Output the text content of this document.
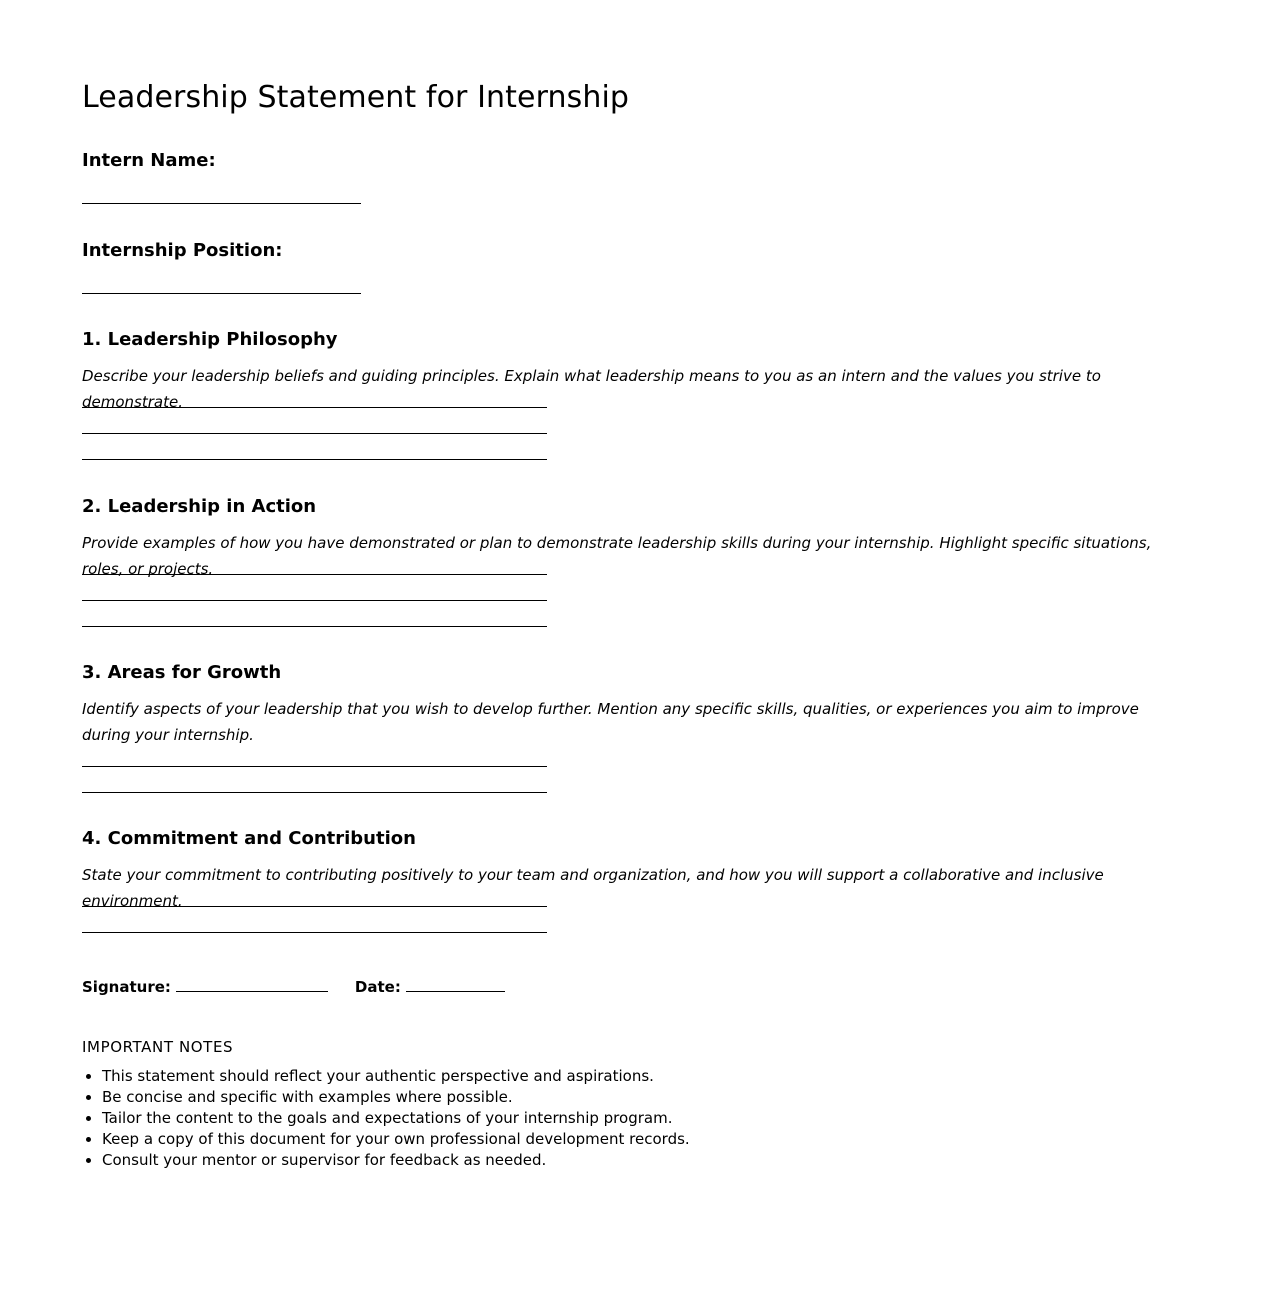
Leadership Statement for Internship
Intern Name:
Internship Position:
1. Leadership Philosophy

Describe your leadership beliefs and guiding principles. Explain what leadership means to you as an intern and the values you strive to demonstrate.

2. Leadership in Action

Provide examples of how you have demonstrated or plan to demonstrate leadership skills during your internship. Highlight specific situations, roles, or projects.

3. Areas for Growth

Identify aspects of your leadership that you wish to develop further. Mention any specific skills, qualities, or experiences you aim to improve during your internship.

4. Commitment and Contribution

State your commitment to contributing positively to your team and organization, and how you will support a collaborative and inclusive environment.

Signature:	Date:
IMPORTANT NOTES
This statement should reflect your authentic perspective and aspirations.
Be concise and specific with examples where possible.
Tailor the content to the goals and expectations of your internship program.
Keep a copy of this document for your own professional development records.
Consult your mentor or supervisor for feedback as needed.
